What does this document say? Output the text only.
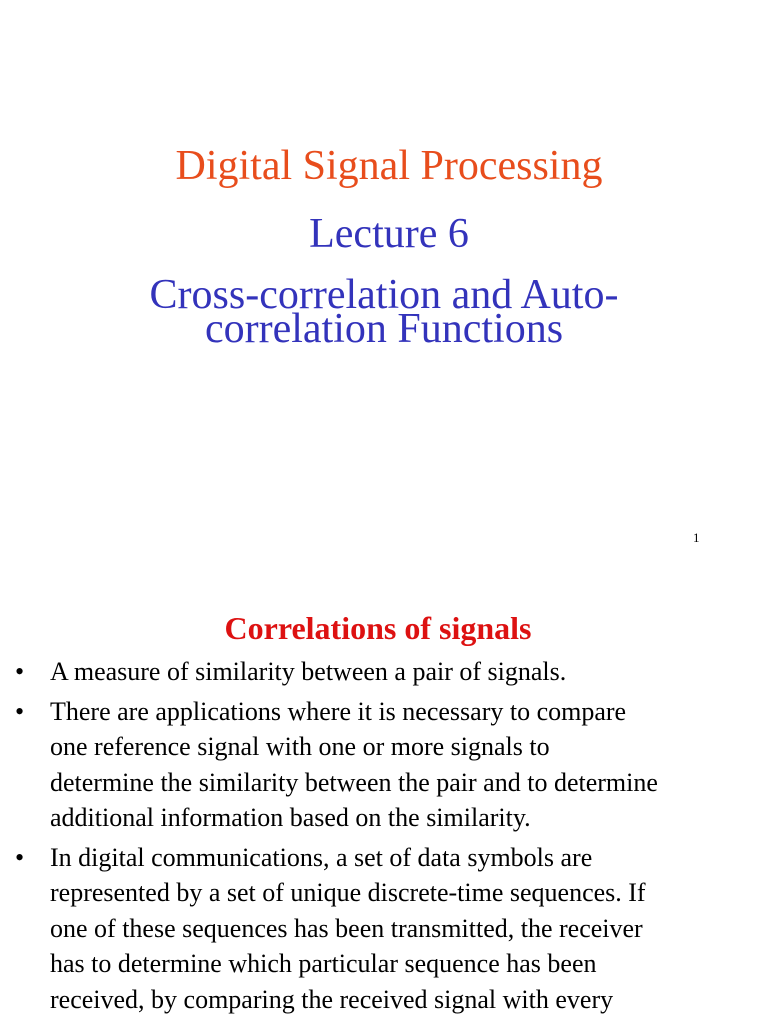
Digital Signal Processing
Lecture 6
Cross-correlation and Auto-
correlation Functions
1
Correlations of signals
• A measure of similarity between a pair of signals.
• There are applications where it is necessary to compare
one reference signal with one or more signals to
determine the similarity between the pair and to determine
additional information based on the similarity.
• In digital communications, a set of data symbols are
represented by a set of unique discrete-time sequences. If
one of these sequences has been transmitted, the receiver
has to determine which particular sequence has been
received, by comparing the received signal with every
